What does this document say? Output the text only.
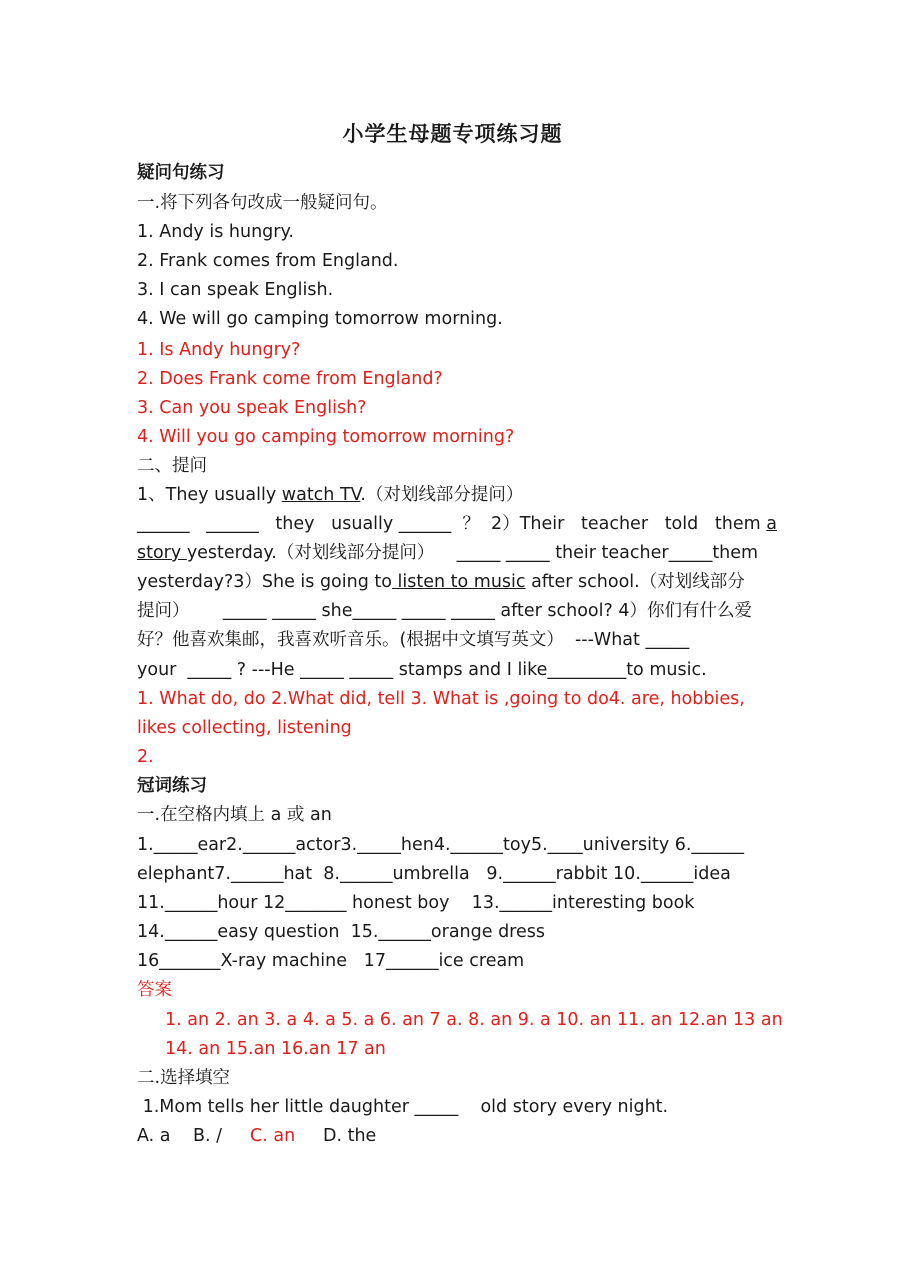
小学生母题专项练习题
疑问句练习
一.将下列各句改成一般疑问句。
1. Andy is hungry.
2. Frank comes from England.
3. I can speak English.
4. We will go camping tomorrow morning.
1. Is Andy hungry?
2. Does Frank come from England?
3. Can you speak English?
4. Will you go camping tomorrow morning?
二、提问
1、They usually watch TV.（对划线部分提问）
______   ______   they   usually ______  ？  2）Their   teacher   told   them a
story yesterday.（对划线部分提问）    _____ _____ their teacher_____them
yesterday?3）She is going to listen to music after school.（对划线部分
提问）      _____ _____ she_____ _____ _____ after school? 4）你们有什么爱
好？他喜欢集邮，我喜欢听音乐。(根据中文填写英文）  ---What _____
your  _____ ? ---He _____ _____ stamps and I like_________to music.
1. What do, do 2.What did, tell 3. What is ,going to do4. are, hobbies,
likes collecting, listening
2.
冠词练习
一.在空格内填上 a 或 an
1._____ear2.______actor3._____hen4.______toy5.____university 6.______
elephant7.______hat  8.______umbrella   9.______rabbit 10.______idea
11.______hour 12_______ honest boy    13.______interesting book
14.______easy question  15.______orange dress
16_______X-ray machine   17______ice cream
答案
1. an 2. an 3. a 4. a 5. a 6. an 7 a. 8. an 9. a 10. an 11. an 12.an 13 an
14. an 15.an 16.an 17 an
二.选择填空
1.Mom tells her little daughter _____    old story every night.
A. a B. / C. an D. the
